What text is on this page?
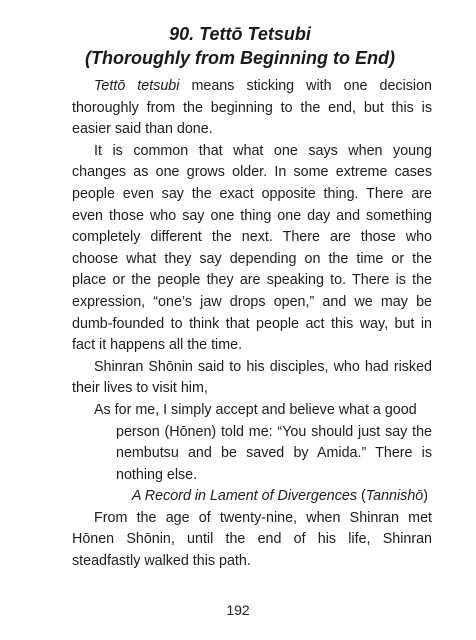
90. Tettō Tetsubi
(Thoroughly from Beginning to End)

Tettō tetsubi means sticking with one decision thoroughly from the beginning to the end, but this is easier said than done.

It is common that what one says when young changes as one grows older. In some extreme cases people even say the exact opposite thing. There are even those who say one thing one day and something completely different the next. There are those who choose what they say depending on the time or the place or the people they are speaking to. There is the expression, “one’s jaw drops open,” and we may be dumb-founded to think that people act this way, but in fact it happens all the time.

Shinran Shōnin said to his disciples, who had risked their lives to visit him,

As for me, I simply accept and believe what a good
person (Hōnen) told me: “You should just say the nembutsu and be saved by Amida.” There is nothing else.
A Record in Lament of Divergences (Tannishō)

From the age of twenty-nine, when Shinran met Hōnen Shōnin, until the end of his life, Shinran steadfastly walked this path.

192
